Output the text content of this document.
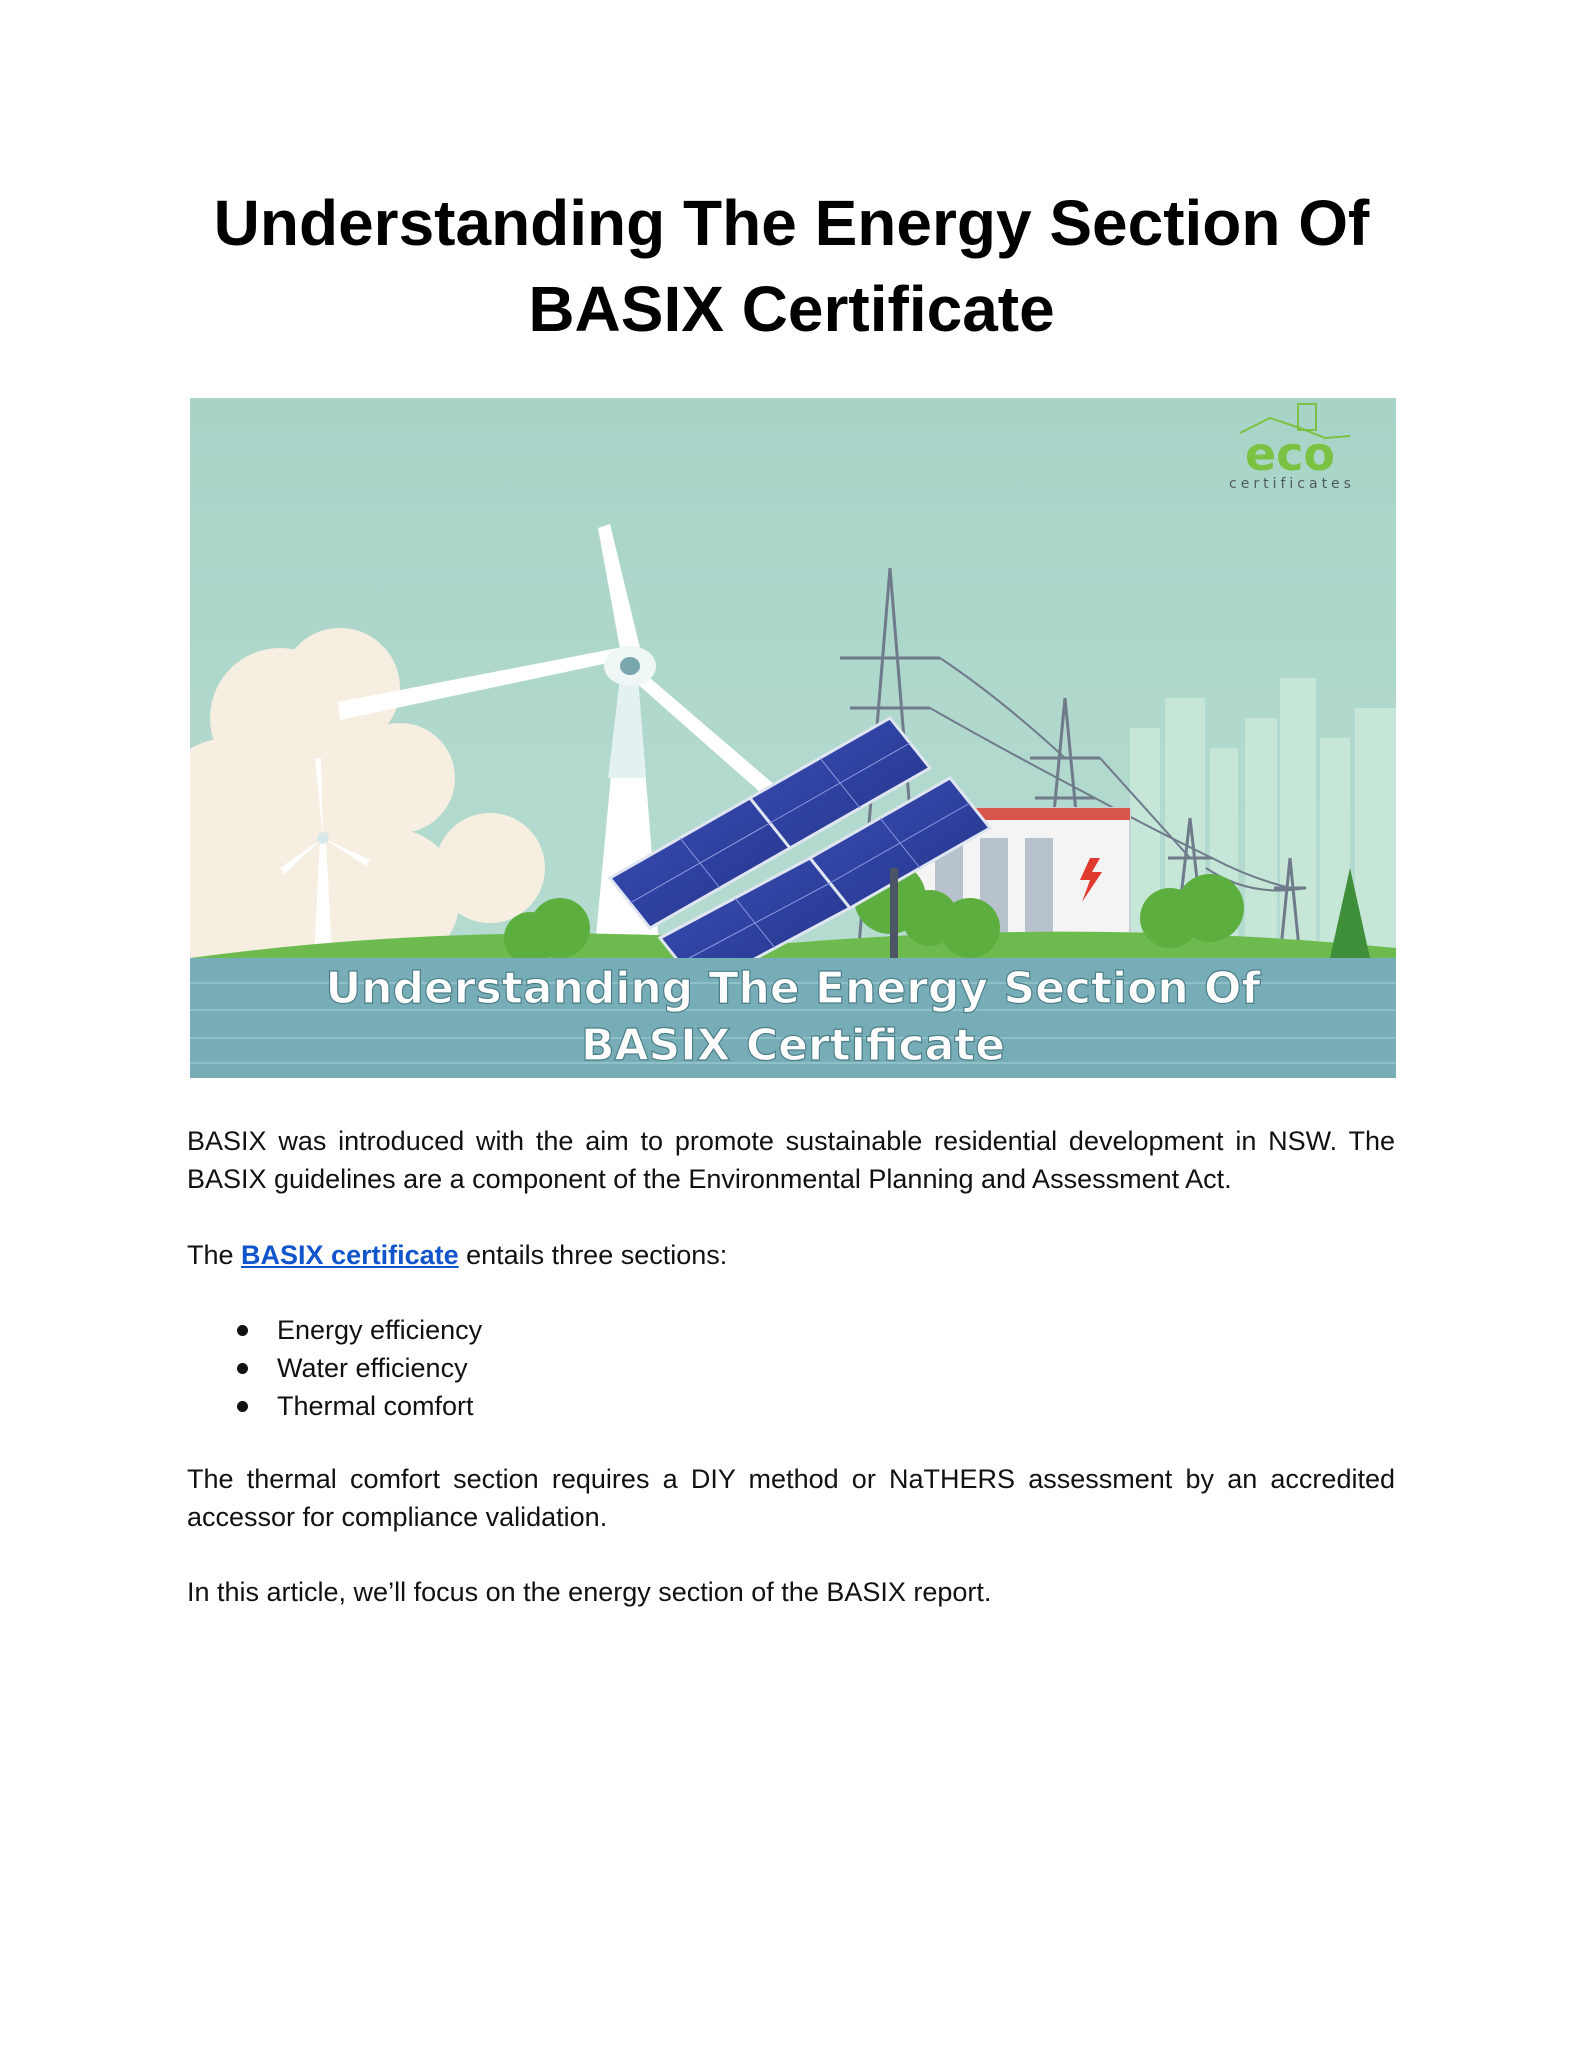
Understanding The Energy Section Of BASIX Certificate
Understanding The Energy Section Of
BASIX Certificate
eco
certificates

BASIX was introduced with the aim to promote sustainable residential development in NSW. The BASIX guidelines are a component of the Environmental Planning and Assessment Act.

The BASIX certificate entails three sections:

Energy efficiency
Water efficiency
Thermal comfort

The thermal comfort section requires a DIY method or NaTHERS assessment by an accredited accessor for compliance validation.

In this article, we’ll focus on the energy section of the BASIX report.
